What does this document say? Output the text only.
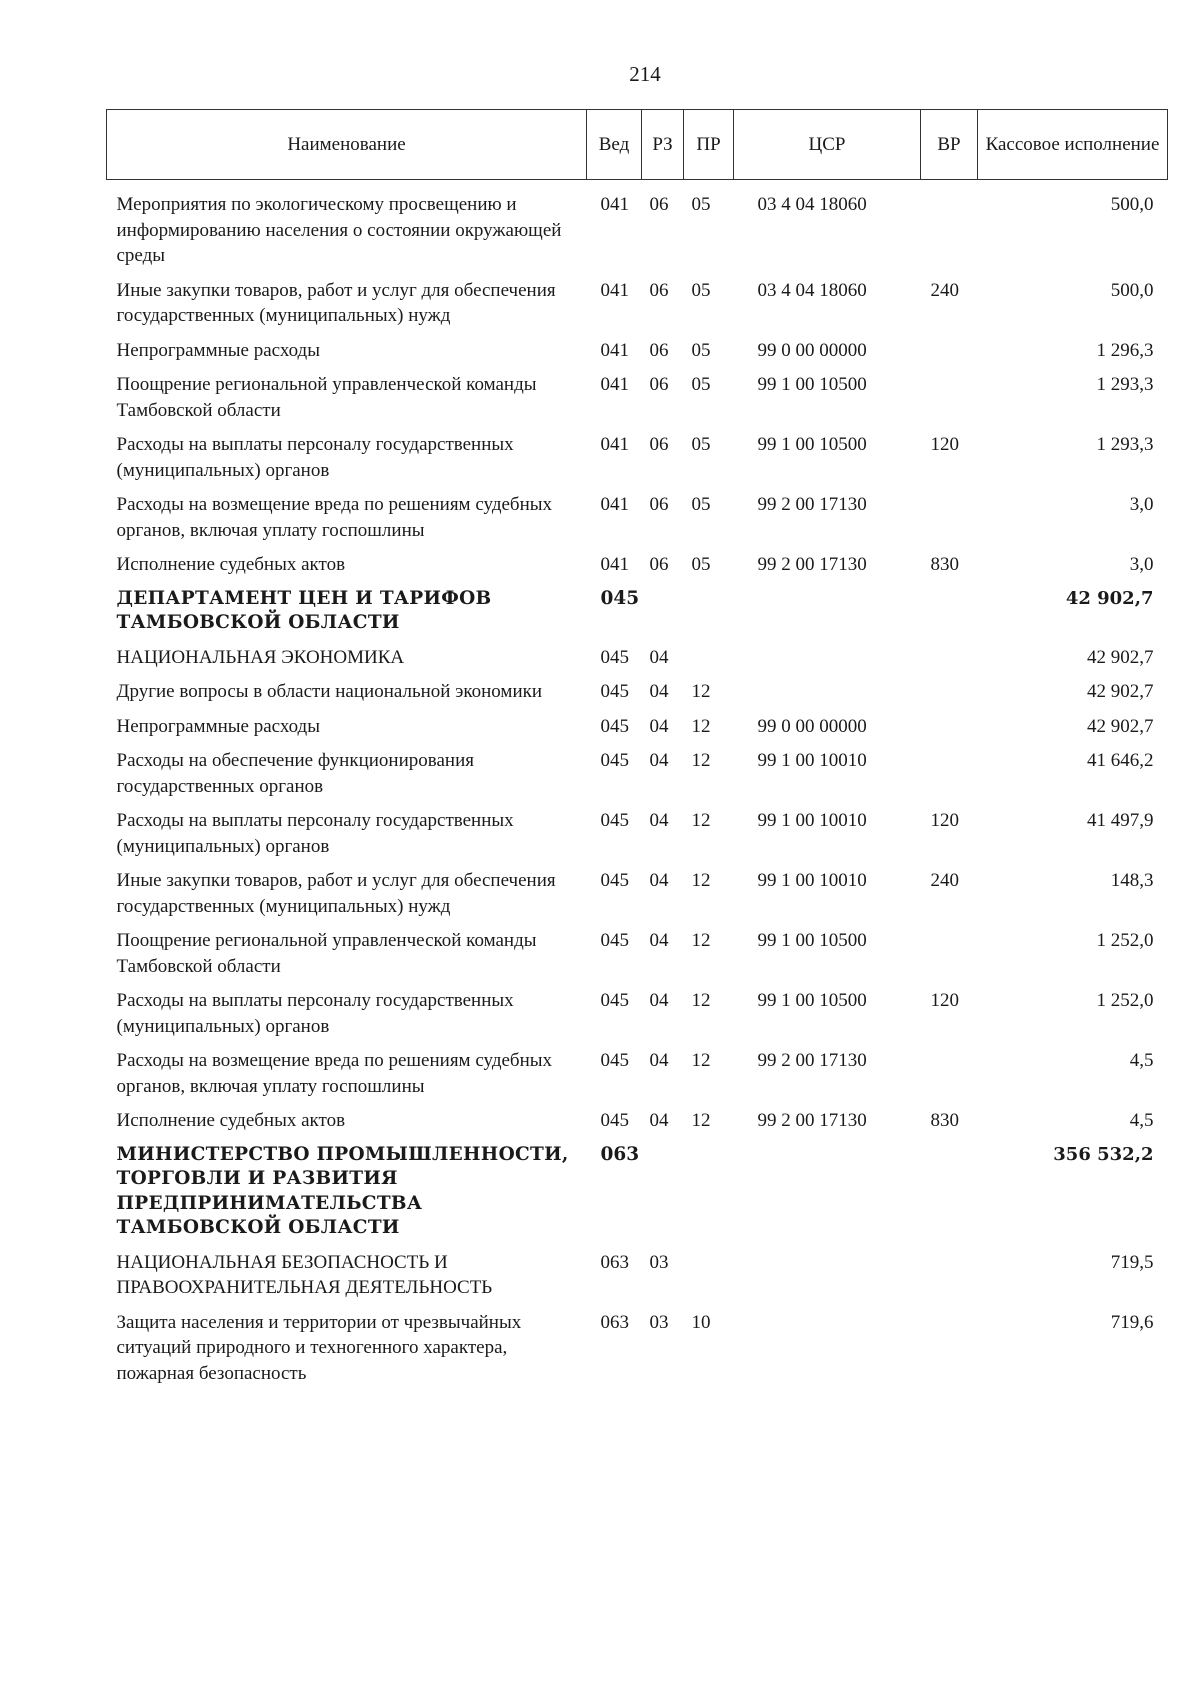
214
Наименование	Вед	РЗ	ПР	ЦСР	ВР	Кассовое исполнение
Мероприятия по экологическому просвещению и информированию населения о состоянии окружающей среды	041	06	05	03 4 04 18060		500,0
Иные закупки товаров, работ и услуг для обеспечения государственных (муниципальных) нужд	041	06	05	03 4 04 18060	240	500,0
Непрограммные расходы	041	06	05	99 0 00 00000		1 296,3
Поощрение региональной управленческой команды Тамбовской области	041	06	05	99 1 00 10500		1 293,3
Расходы на выплаты персоналу государственных (муниципальных) органов	041	06	05	99 1 00 10500	120	1 293,3
Расходы на возмещение вреда по решениям судебных органов, включая уплату госпошлины	041	06	05	99 2 00 17130		3,0
Исполнение судебных актов	041	06	05	99 2 00 17130	830	3,0
ДЕПАРТАМЕНТ ЦЕН И ТАРИФОВ ТАМБОВСКОЙ ОБЛАСТИ	045					42 902,7
НАЦИОНАЛЬНАЯ ЭКОНОМИКА	045	04				42 902,7
Другие вопросы в области национальной экономики	045	04	12			42 902,7
Непрограммные расходы	045	04	12	99 0 00 00000		42 902,7
Расходы на обеспечение функционирования государственных органов	045	04	12	99 1 00 10010		41 646,2
Расходы на выплаты персоналу государственных (муниципальных) органов	045	04	12	99 1 00 10010	120	41 497,9
Иные закупки товаров, работ и услуг для обеспечения государственных (муниципальных) нужд	045	04	12	99 1 00 10010	240	148,3
Поощрение региональной управленческой команды Тамбовской области	045	04	12	99 1 00 10500		1 252,0
Расходы на выплаты персоналу государственных (муниципальных) органов	045	04	12	99 1 00 10500	120	1 252,0
Расходы на возмещение вреда по решениям судебных органов, включая уплату госпошлины	045	04	12	99 2 00 17130		4,5
Исполнение судебных актов	045	04	12	99 2 00 17130	830	4,5
МИНИСТЕРСТВО ПРОМЫШЛЕННОСТИ, ТОРГОВЛИ И РАЗВИТИЯ ПРЕДПРИНИМАТЕЛЬСТВА ТАМБОВСКОЙ ОБЛАСТИ	063					356 532,2
НАЦИОНАЛЬНАЯ БЕЗОПАСНОСТЬ И ПРАВООХРАНИТЕЛЬНАЯ ДЕЯТЕЛЬНОСТЬ	063	03				719,5
Защита населения и территории от чрезвычайных ситуаций природного и техногенного характера, пожарная безопасность	063	03	10			719,6
